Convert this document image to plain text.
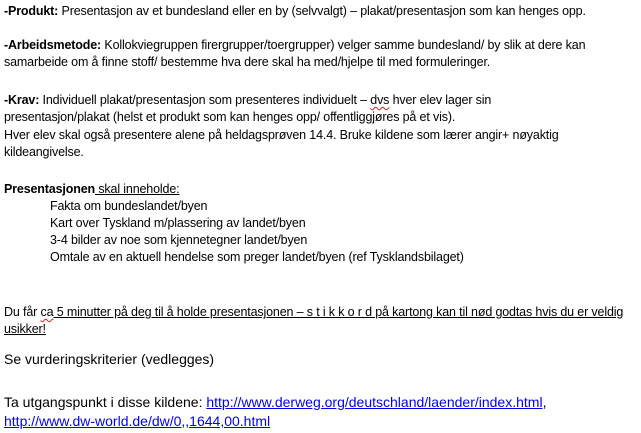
-Produkt: Presentasjon av et bundesland eller en by (selvvalgt) – plakat/presentasjon som kan henges opp.

-Arbeidsmetode: Kollokviegruppen firergrupper/toergrupper) velger samme bundesland/ by slik at dere kan samarbeide om å finne stoff/ bestemme hva dere skal ha med/hjelpe til med formuleringer.

-Krav: Individuell plakat/presentasjon som presenteres individuelt – dvs hver elev lager sin presentasjon/plakat (helst et produkt som kan henges opp/ offentliggjøres på et vis).

Hver elev skal også presentere alene på heldagsprøven 14.4. Bruke kildene som lærer angir+ nøyaktig kildeangivelse.

Presentasjonen skal inneholde:

Fakta om bundeslandet/byen

Kart over Tyskland m/plassering av landet/byen

3-4 bilder av noe som kjennetegner landet/byen

Omtale av en aktuell hendelse som preger landet/byen (ref Tysklandsbilaget)

Du får ca 5 minutter på deg til å holde presentasjonen – s t i k k o r d på kartong kan til nød godtas hvis du er veldig usikker!

Se vurderingskriterier (vedlegges)

Ta utgangspunkt i disse kildene: http://www.derweg.org/deutschland/laender/index.html,
http://www.dw-world.de/dw/0,,1644,00.html
